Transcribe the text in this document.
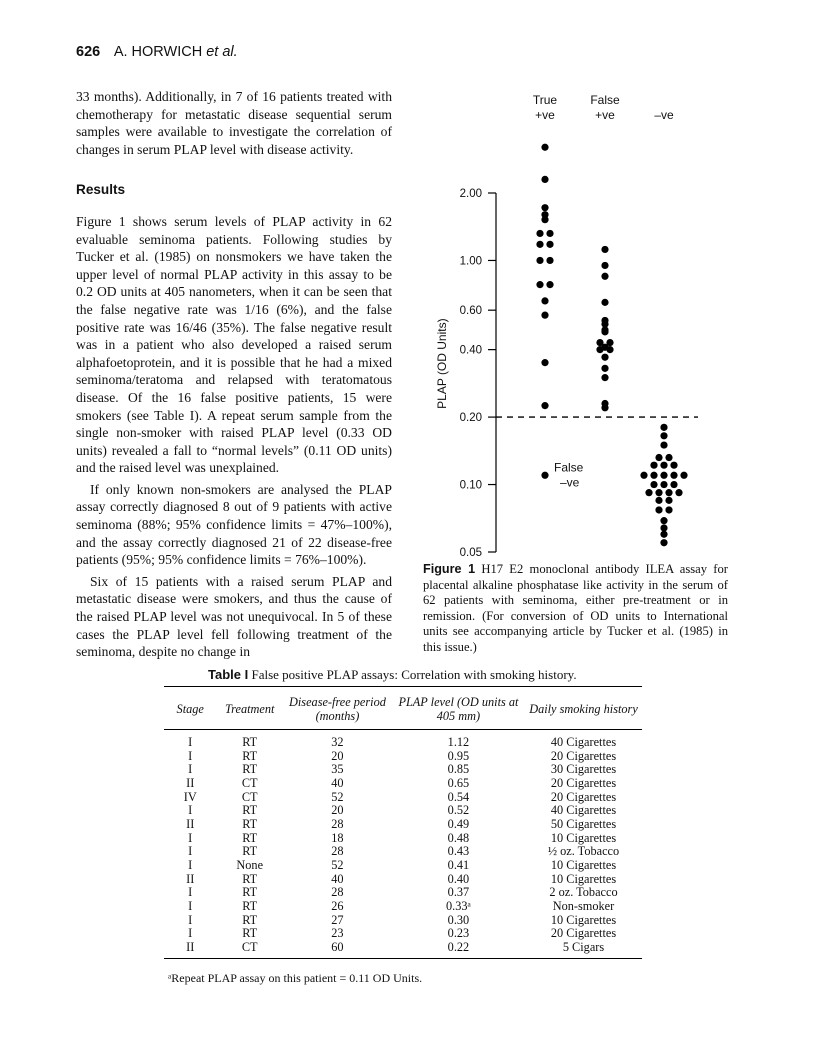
626 A. HORWICH et al.

33 months). Additionally, in 7 of 16 patients treated with chemotherapy for metastatic disease sequential serum samples were available to investigate the correlation of changes in serum PLAP level with disease activity.

Results

Figure 1 shows serum levels of PLAP activity in 62 evaluable seminoma patients. Following studies by Tucker et al. (1985) on nonsmokers we have taken the upper level of normal PLAP activity in this assay to be 0.2 OD units at 405 nanometers, when it can be seen that the false negative rate was 1/16 (6%), and the false positive rate was 16/46 (35%). The false negative result was in a patient who also developed a raised serum alphafoetoprotein, and it is possible that he had a mixed seminoma/teratoma and relapsed with teratomatous disease. Of the 16 false positive patients, 15 were smokers (see Table I). A repeat serum sample from the single non-smoker with raised PLAP level (0.33 OD units) revealed a fall to “normal levels” (0.11 OD units) and the raised level was unexplained.

If only known non-smokers are analysed the PLAP assay correctly diagnosed 8 out of 9 patients with active seminoma (88%; 95% confidence limits = 47%–100%), and the assay correctly diagnosed 21 of 22 disease-free patients (95%; 95% confidence limits = 76%–100%).

Six of 15 patients with a raised serum PLAP and metastatic disease were smokers, and thus the cause of the raised PLAP level was not unequivocal. In 5 of these cases the PLAP level fell following treatment of the seminoma, despite no change in

0.05
0.10
0.20
0.40
0.60
1.00
2.00
PLAP (OD Units)
True
+ve
False
+ve	–ve
False
–ve
Figure 1 H17 E2 monoclonal antibody ILEA assay for placental alkaline phosphatase like activity in the serum of 62 patients with seminoma, either pre-treatment or in remission. (For conversion of OD units to International units see accompanying article by Tucker et al. (1985) in this issue.)
Table I False positive PLAP assays: Correlation with smoking history.
Stage	Treatment	Disease-free period (months)	PLAP level (OD units at 405 mm)	Daily smoking history
I	RT	32	1.12	40 Cigarettes
I	RT	20	0.95	20 Cigarettes
I	RT	35	0.85	30 Cigarettes
II	CT	40	0.65	20 Cigarettes
IV	CT	52	0.54	20 Cigarettes
I	RT	20	0.52	40 Cigarettes
II	RT	28	0.49	50 Cigarettes
I	RT	18	0.48	10 Cigarettes
I	RT	28	0.43	½ oz. Tobacco
I	None	52	0.41	10 Cigarettes
II	RT	40	0.40	10 Cigarettes
I	RT	28	0.37	2 oz. Tobacco
I	RT	26	0.33ᵃ	Non-smoker
I	RT	27	0.30	10 Cigarettes
I	RT	23	0.23	20 Cigarettes
II	CT	60	0.22	5 Cigars
ᵃRepeat PLAP assay on this patient = 0.11 OD Units.
